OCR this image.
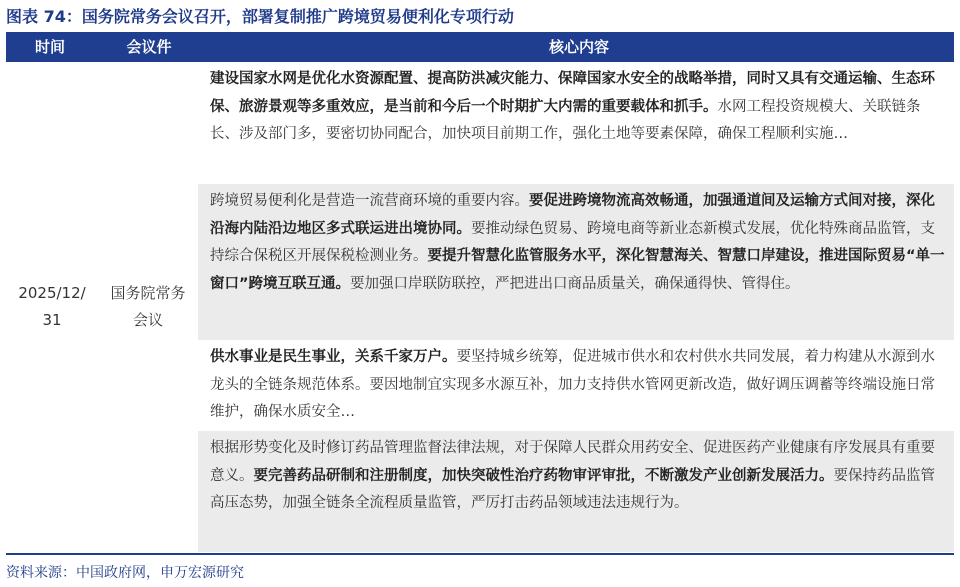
图表 74：国务院常务会议召开，部署复制推广跨境贸易便利化专项行动
时间	会议件	核心内容
2025/12/31
国务院常务会议
建设国家水网是优化水资源配置、提高防洪减灾能力、保障国家水安全的战略举措，同时又具有交通运输、生态环保、旅游景观等多重效应，是当前和今后一个时期扩大内需的重要载体和抓手。水网工程投资规模大、关联链条长、涉及部门多，要密切协同配合，加快项目前期工作，强化土地等要素保障，确保工程顺利实施…
跨境贸易便利化是营造一流营商环境的重要内容。要促进跨境物流高效畅通，加强通道间及运输方式间对接，深化沿海内陆沿边地区多式联运进出境协同。要推动绿色贸易、跨境电商等新业态新模式发展，优化特殊商品监管，支持综合保税区开展保税检测业务。要提升智慧化监管服务水平，深化智慧海关、智慧口岸建设，推进国际贸易“单一窗口”跨境互联互通。要加强口岸联防联控，严把进出口商品质量关，确保通得快、管得住。
供水事业是民生事业，关系千家万户。要坚持城乡统筹，促进城市供水和农村供水共同发展，着力构建从水源到水龙头的全链条规范体系。要因地制宜实现多水源互补，加力支持供水管网更新改造，做好调压调蓄等终端设施日常维护，确保水质安全…
根据形势变化及时修订药品管理监督法律法规，对于保障人民群众用药安全、促进医药产业健康有序发展具有重要意义。要完善药品研制和注册制度，加快突破性治疗药物审评审批，不断激发产业创新发展活力。要保持药品监管高压态势，加强全链条全流程质量监管，严厉打击药品领域违法违规行为。
资料来源：中国政府网，申万宏源研究
